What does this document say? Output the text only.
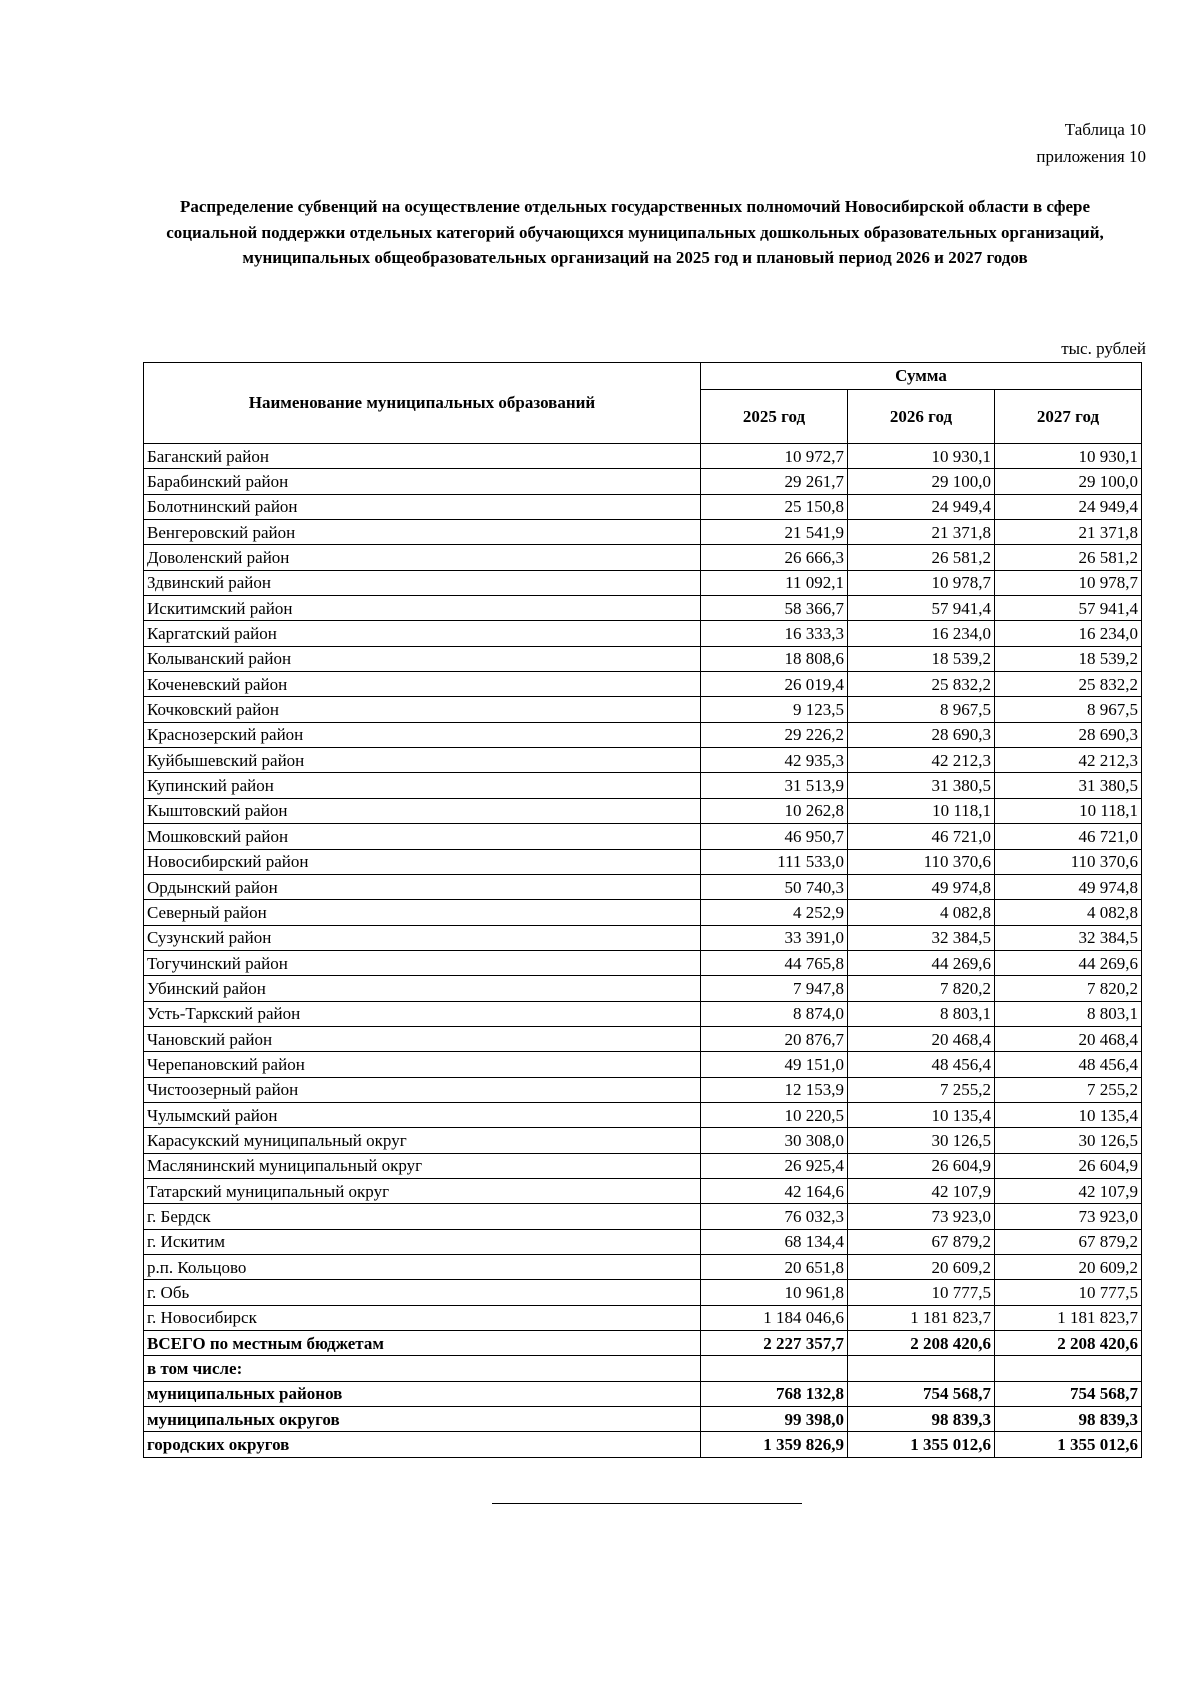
Таблица 10
приложения 10
Распределение субвенций на осуществление отдельных государственных полномочий Новосибирской области в сфере социальной поддержки отдельных категорий обучающихся муниципальных дошкольных образовательных организаций, муниципальных общеобразовательных организаций на 2025 год и плановый период 2026 и 2027 годов
тыс. рублей
Наименование муниципальных образований	Сумма		
	2025 год	2026 год	2027 год
Баганский район	10 972,7	10 930,1	10 930,1
Барабинский район	29 261,7	29 100,0	29 100,0
Болотнинский район	25 150,8	24 949,4	24 949,4
Венгеровский район	21 541,9	21 371,8	21 371,8
Доволенский район	26 666,3	26 581,2	26 581,2
Здвинский район	11 092,1	10 978,7	10 978,7
Искитимский район	58 366,7	57 941,4	57 941,4
Каргатский район	16 333,3	16 234,0	16 234,0
Колыванский район	18 808,6	18 539,2	18 539,2
Коченевский район	26 019,4	25 832,2	25 832,2
Кочковский район	9 123,5	8 967,5	8 967,5
Краснозерский район	29 226,2	28 690,3	28 690,3
Куйбышевский район	42 935,3	42 212,3	42 212,3
Купинский район	31 513,9	31 380,5	31 380,5
Кыштовский район	10 262,8	10 118,1	10 118,1
Мошковский район	46 950,7	46 721,0	46 721,0
Новосибирский район	111 533,0	110 370,6	110 370,6
Ордынский район	50 740,3	49 974,8	49 974,8
Северный район	4 252,9	4 082,8	4 082,8
Сузунский район	33 391,0	32 384,5	32 384,5
Тогучинский район	44 765,8	44 269,6	44 269,6
Убинский район	7 947,8	7 820,2	7 820,2
Усть-Таркский район	8 874,0	8 803,1	8 803,1
Чановский район	20 876,7	20 468,4	20 468,4
Черепановский район	49 151,0	48 456,4	48 456,4
Чистоозерный район	12 153,9	7 255,2	7 255,2
Чулымский район	10 220,5	10 135,4	10 135,4
Карасукский муниципальный округ	30 308,0	30 126,5	30 126,5
Маслянинский муниципальный округ	26 925,4	26 604,9	26 604,9
Татарский муниципальный округ	42 164,6	42 107,9	42 107,9
г. Бердск	76 032,3	73 923,0	73 923,0
г. Искитим	68 134,4	67 879,2	67 879,2
р.п. Кольцово	20 651,8	20 609,2	20 609,2
г. Обь	10 961,8	10 777,5	10 777,5
г. Новосибирск	1 184 046,6	1 181 823,7	1 181 823,7
ВСЕГО по местным бюджетам	2 227 357,7	2 208 420,6	2 208 420,6
в том числе:			
муниципальных районов	768 132,8	754 568,7	754 568,7
муниципальных округов	99 398,0	98 839,3	98 839,3
городских округов	1 359 826,9	1 355 012,6	1 355 012,6
